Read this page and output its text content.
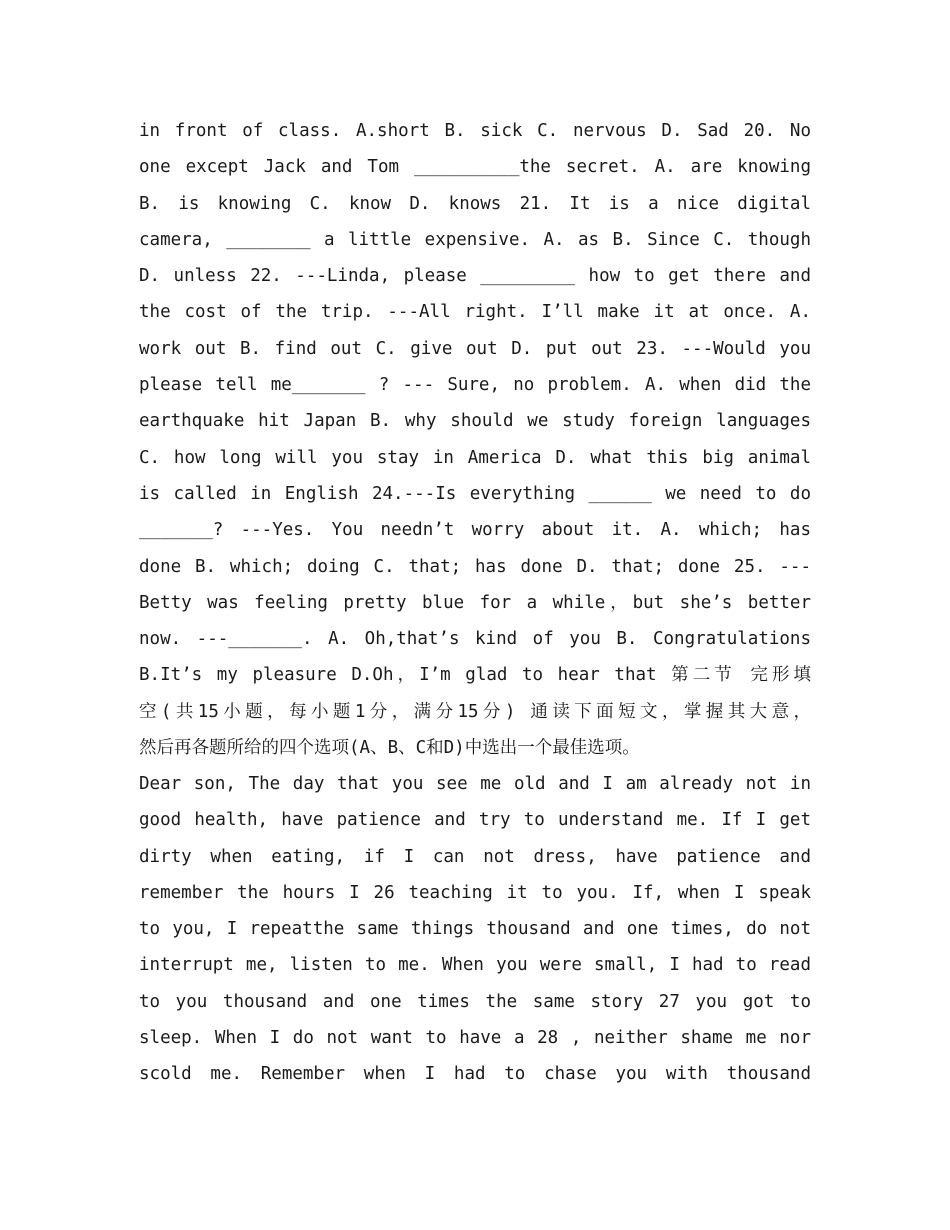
in front of class. A.short B. sick C. nervous D. Sad 20. No
one except Jack and Tom __________the secret. A. are knowing
B. is knowing C. know D. knows 21. It is a nice digital
camera, ________ a little expensive. A. as B. Since C. though
D. unless 22. ---Linda, please _________ how to get there and
the cost of the trip. ---All right. I’ll make it at once. A.
work out B. find out C. give out D. put out 23. ---Would you
please tell me_______ ? --- Sure, no problem. A. when did the
earthquake hit Japan B. why should we study foreign languages
C. how long will you stay in America D. what this big animal
is called in English 24.---Is everything ______ we need to do
_______? ---Yes. You needn’t worry about it. A. which; has
done B. which; doing C. that; has done D. that; done 25. ---
Betty was feeling pretty blue for a while，but she’s better
now. ---_______. A. Oh,that’s kind of you B. Congratulations
B.It’s my pleasure D.Oh，I’m glad to hear that 第二节 完形填
空(共15小题，每小题1分，满分15分) 通读下面短文，掌握其大意，
然后再各题所给的四个选项(A、B、C和D)中选出一个最佳选项。
Dear son, The day that you see me old and I am already not in
good health, have patience and try to understand me. If I get
dirty when eating, if I can not dress, have patience and
remember the hours I 26 teaching it to you. If, when I speak
to you, I repeatthe same things thousand and one times, do not
interrupt me, listen to me. When you were small, I had to read
to you thousand and one times the same story 27 you got to
sleep. When I do not want to have a 28 , neither shame me nor
scold me. Remember when I had to chase you with thousand
